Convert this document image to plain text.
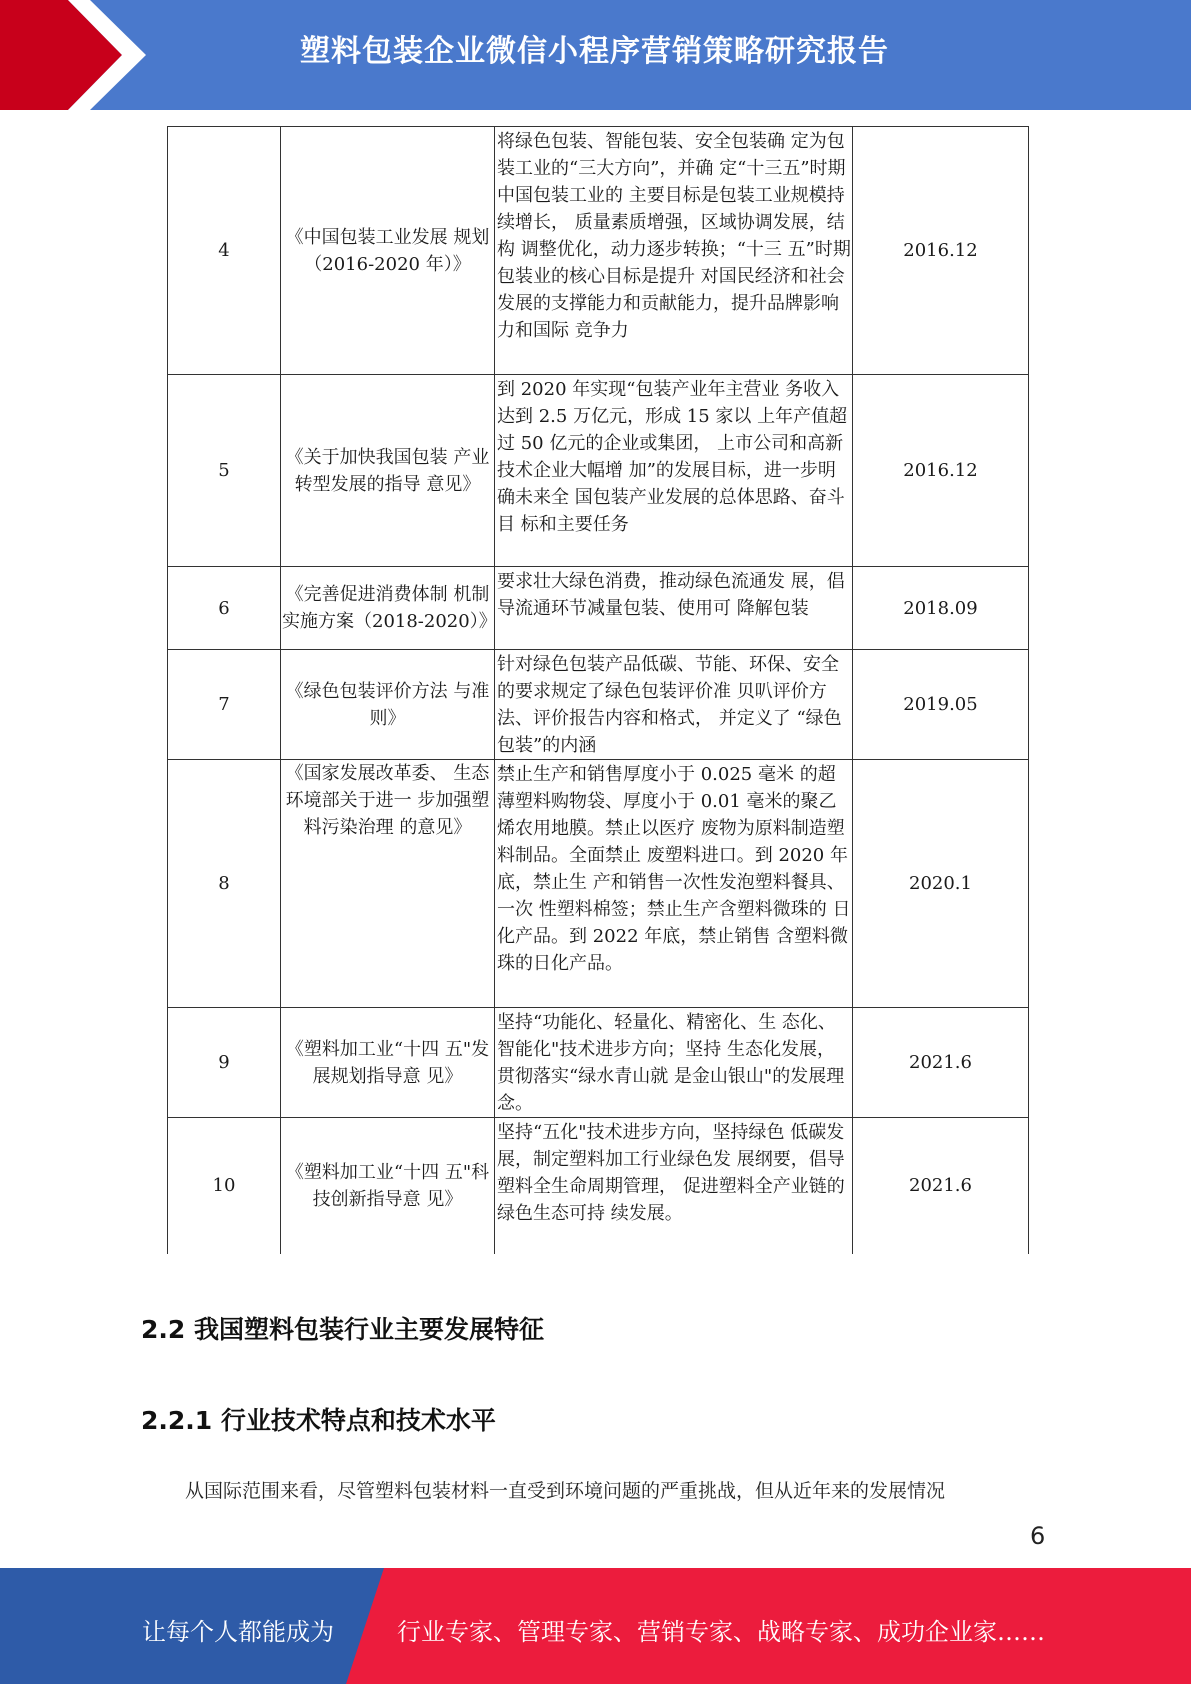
塑料包装企业微信小程序营销策略研究报告
4	《中国包装工业发展 规划（2016-2020 年）》	将绿色包装、智能包装、安全包装确 定为包装工业的“三大方向”，并确 定“十三五”时期中国包装工业的 主要目标是包装工业规模持续增长， 质量素质增强，区域协调发展，结构 调整优化，动力逐步转换；“十三 五”时期包装业的核心目标是提升 对国民经济和社会发展的支撑能力和贡献能力，提升品牌影响力和国际 竞争力	2016.12
5	《关于加快我国包装 产业转型发展的指导 意见》	到 2020 年实现“包装产业年主营业 务收入达到 2.5 万亿元，形成 15 家以 上年产值超过 50 亿元的企业或集团， 上市公司和高新技术企业大幅增 加”的发展目标，进一步明确未来全 国包装产业发展的总体思路、奋斗目 标和主要任务	2016.12
6	《完善促进消费体制 机制实施方案（2018-2020）》	要求壮大绿色消费，推动绿色流通发 展，倡导流通环节减量包装、使用可 降解包装	2018.09
7	《绿色包装评价方法 与准则》	针对绿色包装产品低碳、节能、环保、安全的要求规定了绿色包装评价准 贝叭评价方法、评价报告内容和格式， 并定义了 “绿色包装”的内涵	2019.05
8	《国家发展改革委、 生态环境部关于进一 步加强塑料污染治理 的意见》	禁止生产和销售厚度小于 0.025 毫米 的超薄塑料购物袋、厚度小于 0.01 毫米的聚乙烯农用地膜。禁止以医疗 废物为原料制造塑料制品。全面禁止 废塑料进口。到 2020 年底，禁止生 产和销售一次性发泡塑料餐具、一次 性塑料棉签；禁止生产含塑料微珠的 日化产品。到 2022 年底，禁止销售 含塑料微珠的日化产品。	2020.1
9	《塑料加工业“十四 五"发展规划指导意 见》	坚持“功能化、轻量化、精密化、生 态化、智能化"技术进步方向；坚持 生态化发展，贯彻落实“绿水青山就 是金山银山"的发展理念。	2021.6
10	《塑料加工业“十四 五"科技创新指导意 见》	坚持“五化"技术进步方向，坚持绿色 低碳发展，制定塑料加工行业绿色发 展纲要，倡导塑料全生命周期管理， 促进塑料全产业链的绿色生态可持 续发展。	2021.6
2.2 我国塑料包装行业主要发展特征
2.2.1 行业技术特点和技术水平
从国际范围来看，尽管塑料包装材料一直受到环境问题的严重挑战，但从近年来的发展情况
6
让每个人都能成为	行业专家、管理专家、营销专家、战略专家、成功企业家……
